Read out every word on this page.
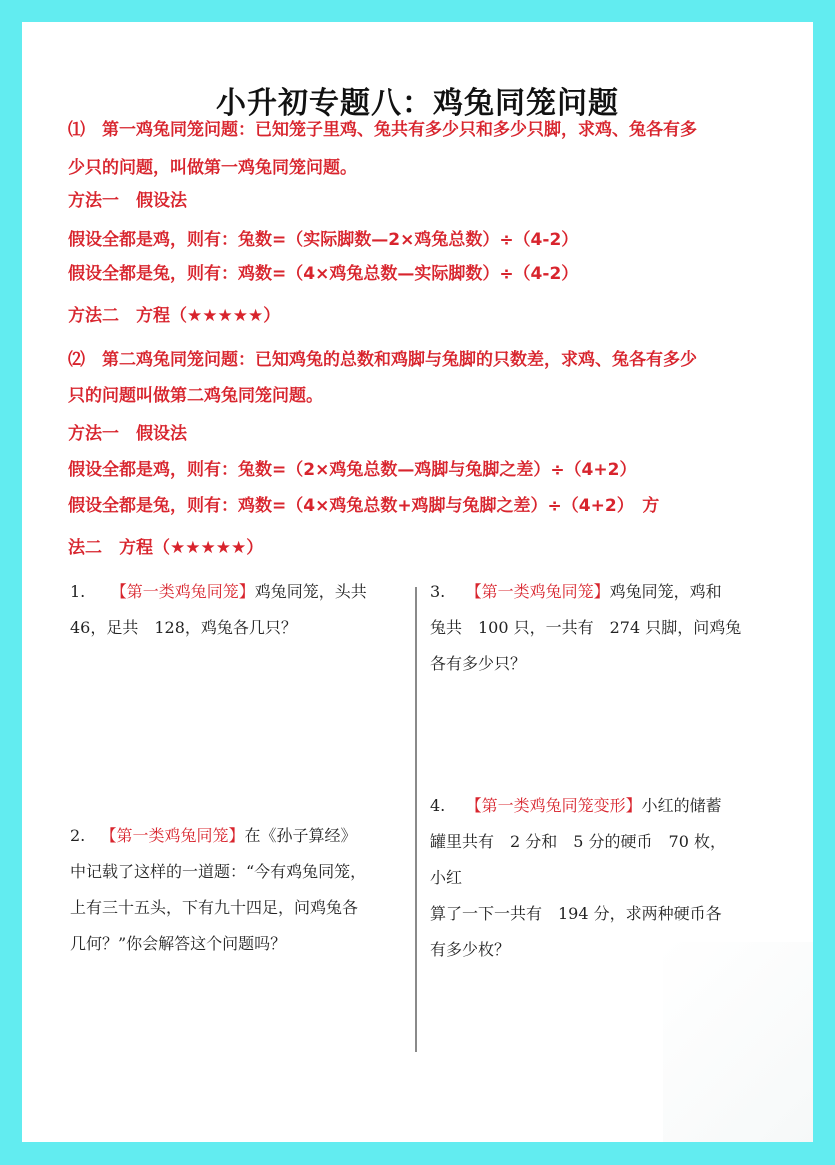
小升初专题八：鸡兔同笼问题
⑴　第一鸡兔同笼问题：已知笼子里鸡、兔共有多少只和多少只脚，求鸡、兔各有多
少只的问题，叫做第一鸡兔同笼问题。
方法一　假设法
假设全都是鸡，则有：兔数=（实际脚数—2×鸡兔总数）÷（4-2）
假设全都是兔，则有：鸡数=（4×鸡兔总数—实际脚数）÷（4-2）
方法二　方程（★★★★★）
⑵　第二鸡兔同笼问题：已知鸡兔的总数和鸡脚与兔脚的只数差，求鸡、兔各有多少
只的问题叫做第二鸡兔同笼问题。
方法一　假设法
假设全都是鸡，则有：兔数=（2×鸡兔总数—鸡脚与兔脚之差）÷（4+2）
假设全都是兔，则有：鸡数=（4×鸡兔总数+鸡脚与兔脚之差）÷（4+2）　方
法二　方程（★★★★★）
1. 【第一类鸡兔同笼】鸡兔同笼，头共
46，足共　128，鸡兔各几只？
2. 【第一类鸡兔同笼】在《孙子算经》
中记载了这样的一道题：“今有鸡兔同笼，
上有三十五头，下有九十四足，问鸡兔各
几何？”你会解答这个问题吗？
3. 【第一类鸡兔同笼】鸡兔同笼，鸡和
兔共　100 只，一共有　274 只脚，问鸡兔
各有多少只？
4. 【第一类鸡兔同笼变形】小红的储蓄
罐里共有　2 分和　5 分的硬币　70 枚，
小红
算了一下一共有　194 分，求两种硬币各
有多少枚？
